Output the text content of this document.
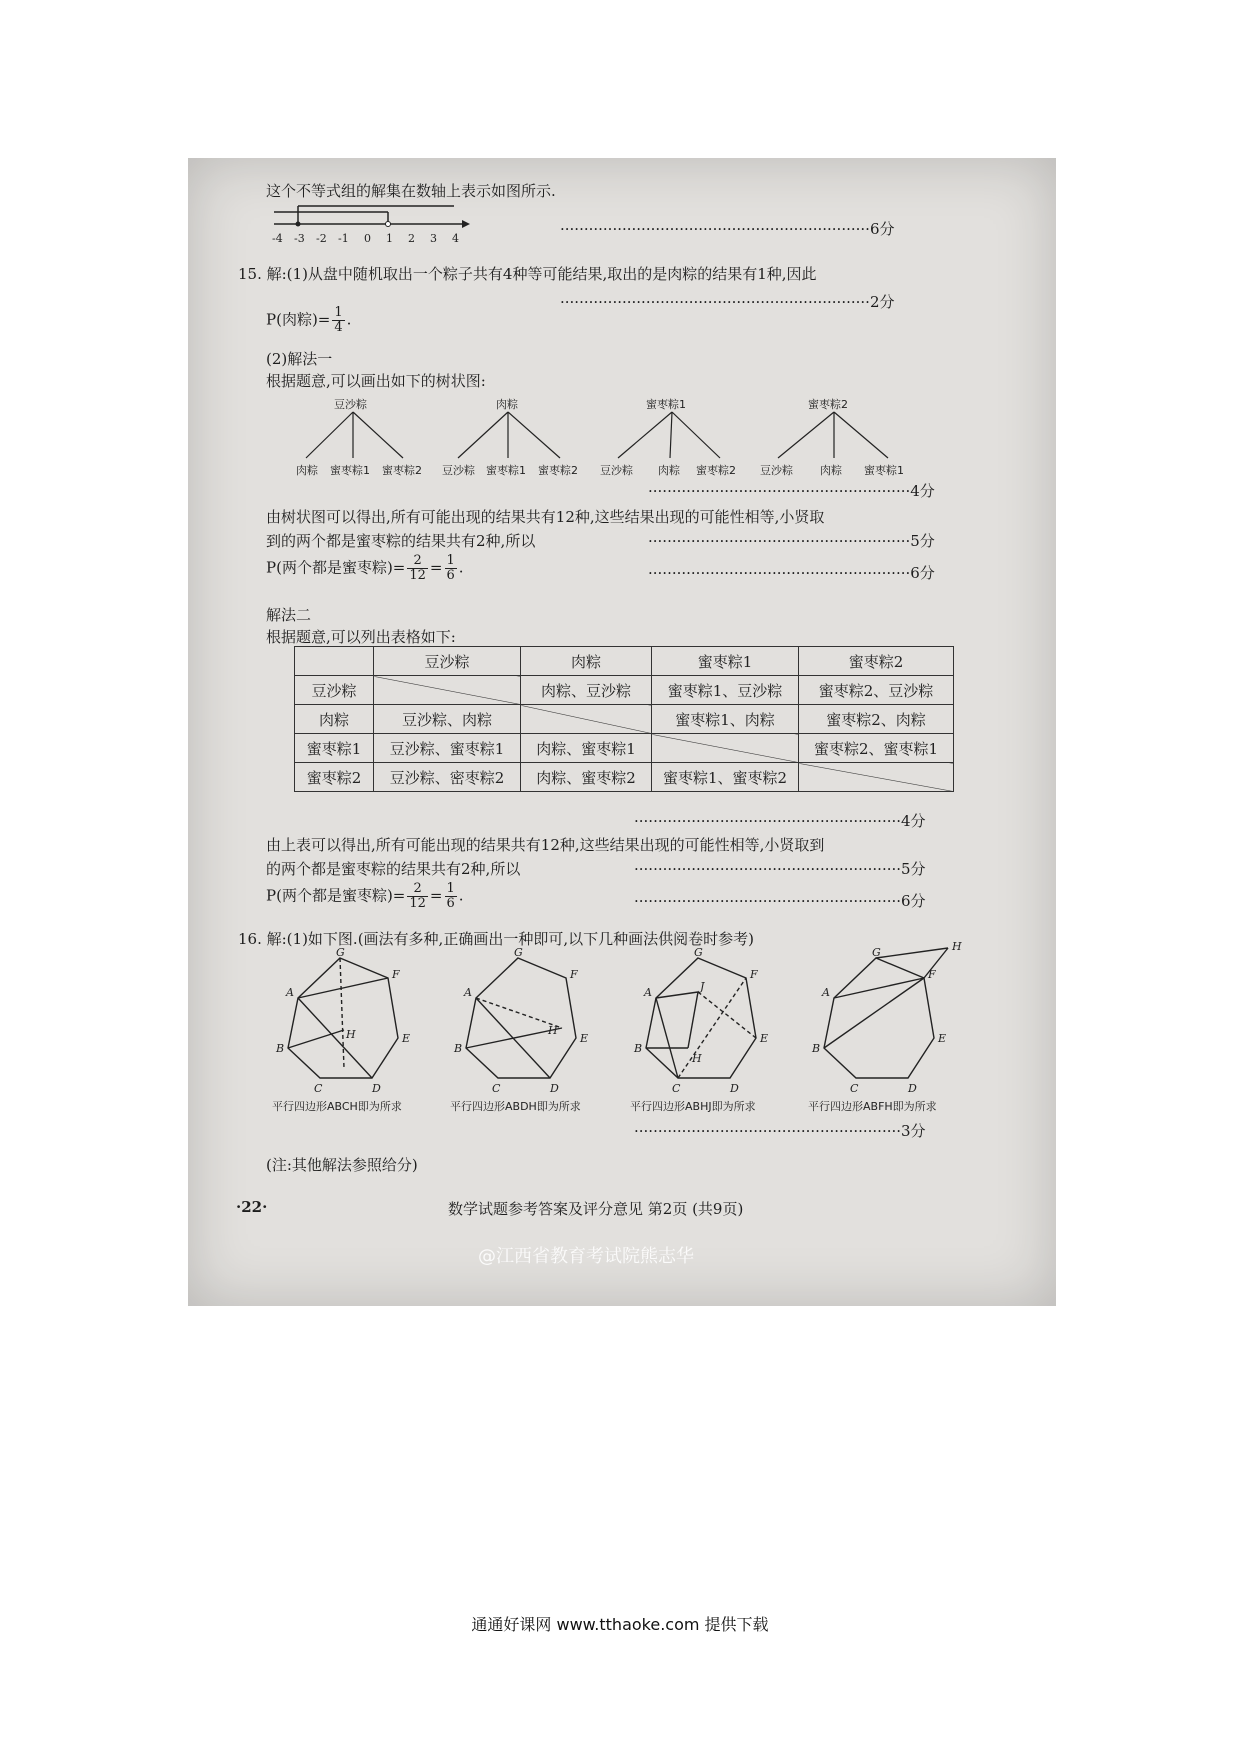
这个不等式组的解集在数轴上表示如图所示.
-4 -3 -2 -1 0 1 2 3 4
·································································6分
15. 解:(1)从盘中随机取出一个粽子共有4种等可能结果,取出的是肉粽的结果有1种,因此
·································································2分
P(肉粽)= $\frac{1}{4}$ .
(2)解法一
根据题意,可以画出如下的树状图:
豆沙粽	肉粽	蜜枣粽1	蜜枣粽2
肉粽 蜜枣粽1 蜜枣粽2 豆沙粽 蜜枣粽1 蜜枣粽2 豆沙粽 肉粽 蜜枣粽2 豆沙粽 肉粽 蜜枣粽1
·······················································4分
由树状图可以得出,所有可能出现的结果共有12种,这些结果出现的可能性相等,小贤取
到的两个都是蜜枣粽的结果共有2种,所以	·······················································5分
P(两个都是蜜枣粽)= $\frac{2}{12} = \frac{1}{6}$ .	·······················································6分
解法二
根据题意,可以列出表格如下:
	豆沙粽	肉粽	蜜枣粽1	蜜枣粽2
豆沙粽		肉粽、豆沙粽	蜜枣粽1、豆沙粽	蜜枣粽2、豆沙粽
肉粽	豆沙粽、肉粽		蜜枣粽1、肉粽	蜜枣粽2、肉粽
蜜枣粽1	豆沙粽、蜜枣粽1	肉粽、蜜枣粽1		蜜枣粽2、蜜枣粽1
蜜枣粽2	豆沙粽、密枣粽2	肉粽、蜜枣粽2	蜜枣粽1、蜜枣粽2	
························································4分
由上表可以得出,所有可能出现的结果共有12种,这些结果出现的可能性相等,小贤取到
的两个都是蜜枣粽的结果共有2种,所以	························································5分
P(两个都是蜜枣粽)= $\frac{2}{12} = \frac{1}{6}$ .	························································6分
16. 解:(1)如下图.(画法有多种,正确画出一种即可,以下几种画法供阅卷时参考)
G
F
E
D
C
B
A
H
G
F
E
D
C
B
A
H
G
F
E
D
C
B
A
H
J
G
F
E
D
C
B
A
H
平行四边形ABCH即为所求	平行四边形ABDH即为所求	平行四边形ABHJ即为所求	平行四边形ABFH即为所求
························································3分
(注:其他解法参照给分)
·22·	数学试题参考答案及评分意见 第2页 (共9页)
@江西省教育考试院熊志华
通通好课网 www.tthaoke.com 提供下载
